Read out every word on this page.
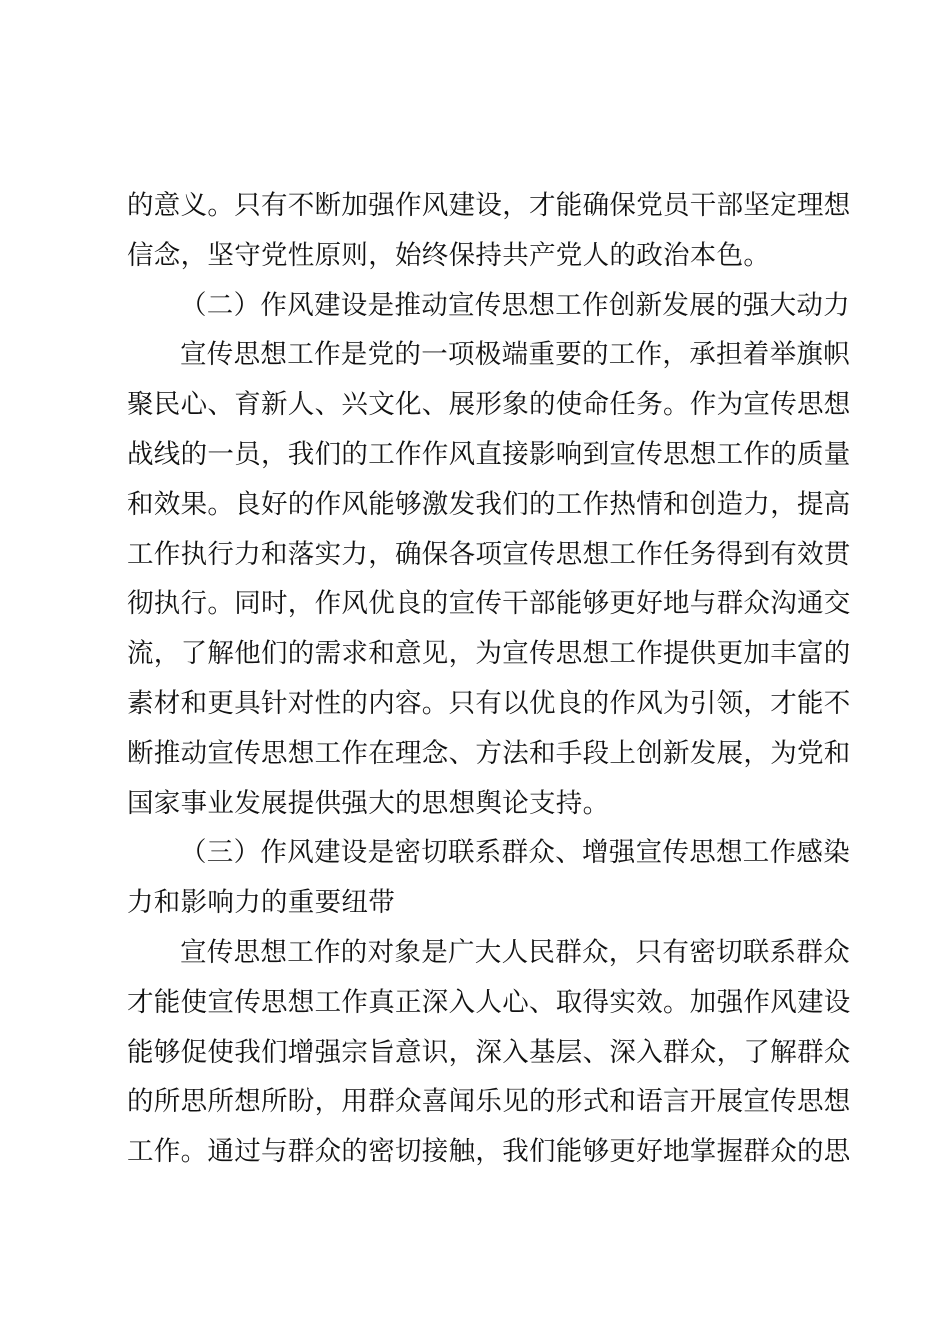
的意义。只有不断加强作风建设，才能确保党员干部坚定理想
信念，坚守党性原则，始终保持共产党人的政治本色。
（二）作风建设是推动宣传思想工作创新发展的强大动力
宣传思想工作是党的一项极端重要的工作，承担着举旗帜
聚民心、育新人、兴文化、展形象的使命任务。作为宣传思想
战线的一员，我们的工作作风直接影响到宣传思想工作的质量
和效果。良好的作风能够激发我们的工作热情和创造力，提高
工作执行力和落实力，确保各项宣传思想工作任务得到有效贯
彻执行。同时，作风优良的宣传干部能够更好地与群众沟通交
流，了解他们的需求和意见，为宣传思想工作提供更加丰富的
素材和更具针对性的内容。只有以优良的作风为引领，才能不
断推动宣传思想工作在理念、方法和手段上创新发展，为党和
国家事业发展提供强大的思想舆论支持。
（三）作风建设是密切联系群众、增强宣传思想工作感染
力和影响力的重要纽带
宣传思想工作的对象是广大人民群众，只有密切联系群众
才能使宣传思想工作真正深入人心、取得实效。加强作风建设
能够促使我们增强宗旨意识，深入基层、深入群众，了解群众
的所思所想所盼，用群众喜闻乐见的形式和语言开展宣传思想
工作。通过与群众的密切接触，我们能够更好地掌握群众的思
